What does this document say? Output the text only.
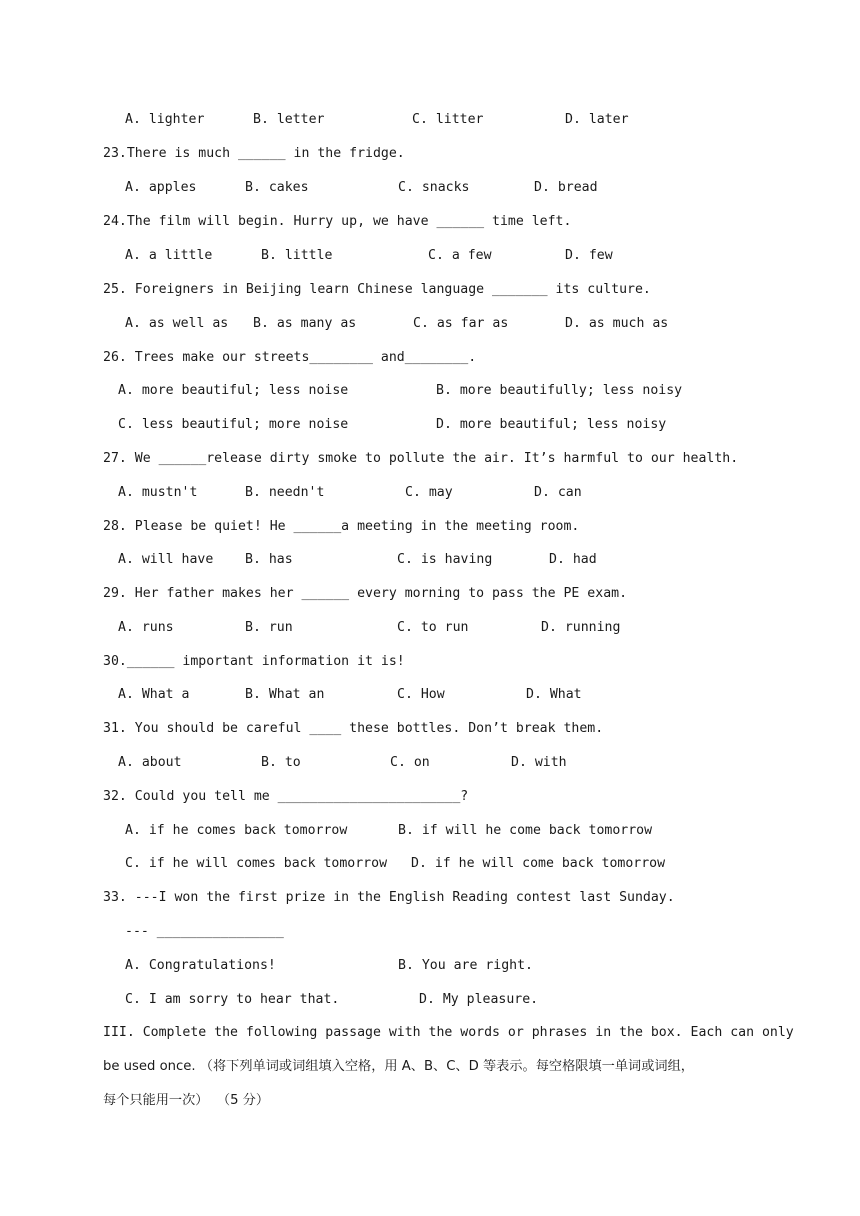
A. lighter	B. letter	C. litter	D. later
23.There is much ______ in the fridge.
A. apples	B. cakes	C. snacks	D. bread
24.The film will begin. Hurry up, we have ______ time left.
A. a little	B. little	C. a few	D. few
25. Foreigners in Beijing learn Chinese language _______ its culture.
A. as well as B. as many as	C. as far as	D. as much as
26. Trees make our streets________ and________.
A. more beautiful; less noise	B. more beautifully; less noisy
C. less beautiful; more noise	D. more beautiful; less noisy
27. We ______release dirty smoke to pollute the air. It’s harmful to our health.
A. mustn't	B. needn't	C. may	D. can
28. Please be quiet! He ______a meeting in the meeting room.
A. will have B. has	C. is having	D. had
29. Her father makes her ______ every morning to pass the PE exam.
A. runs	B. run	C. to run	D. running
30.______ important information it is!
A. What a	B. What an	C. How	D. What
31. You should be careful ____ these bottles. Don’t break them.
A. about	B. to	C. on	D. with
32. Could you tell me _______________________?
A. if he comes back tomorrow	B. if will he come back tomorrow
C. if he will comes back tomorrow D. if he will come back tomorrow
33. ---I won the first prize in the English Reading contest last Sunday.
--- ________________
A. Congratulations!	B. You are right.
C. I am sorry to hear that.	D. My pleasure.
III. Complete the following passage with the words or phrases in the box. Each can only
be used once. （将下列单词或词组填入空格，用 A、B、C、D 等表示。每空格限填一单词或词组，
每个只能用一次）  （5 分）
